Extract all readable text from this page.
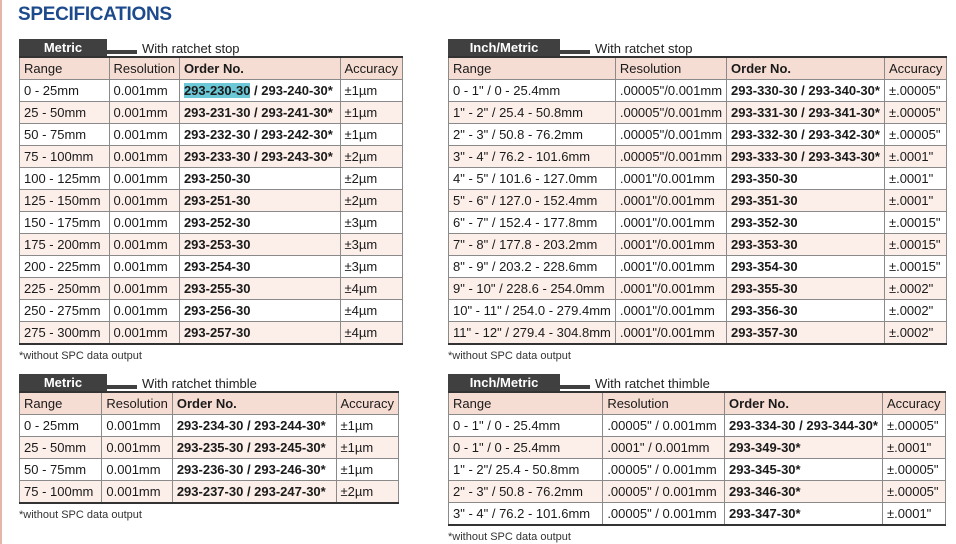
SPECIFICATIONS
Metric	With ratchet stop
Range	Resolution	Order No.	Accuracy
0 - 25mm	0.001mm	293-230-30 / 293-240-30*	±1µm
25 - 50mm	0.001mm	293-231-30 / 293-241-30*	±1µm
50 - 75mm	0.001mm	293-232-30 / 293-242-30*	±1µm
75 - 100mm	0.001mm	293-233-30 / 293-243-30*	±2µm
100 - 125mm	0.001mm	293-250-30	±2µm
125 - 150mm	0.001mm	293-251-30	±2µm
150 - 175mm	0.001mm	293-252-30	±3µm
175 - 200mm	0.001mm	293-253-30	±3µm
200 - 225mm	0.001mm	293-254-30	±3µm
225 - 250mm	0.001mm	293-255-30	±4µm
250 - 275mm	0.001mm	293-256-30	±4µm
275 - 300mm	0.001mm	293-257-30	±4µm
*without SPC data output
Inch/Metric	With ratchet stop
Range	Resolution	Order No.	Accuracy
0 - 1" / 0 - 25.4mm	.00005"/0.001mm	293-330-30 / 293-340-30*	±.00005"
1" - 2" / 25.4 - 50.8mm	.00005"/0.001mm	293-331-30 / 293-341-30*	±.00005"
2" - 3" / 50.8 - 76.2mm	.00005"/0.001mm	293-332-30 / 293-342-30*	±.00005"
3" - 4" / 76.2 - 101.6mm	.00005"/0.001mm	293-333-30 / 293-343-30*	±.0001"
4" - 5" / 101.6 - 127.0mm	.0001"/0.001mm	293-350-30	±.0001"
5" - 6" / 127.0 - 152.4mm	.0001"/0.001mm	293-351-30	±.0001"
6" - 7" / 152.4 - 177.8mm	.0001"/0.001mm	293-352-30	±.00015"
7" - 8" / 177.8 - 203.2mm	.0001"/0.001mm	293-353-30	±.00015"
8" - 9" / 203.2 - 228.6mm	.0001"/0.001mm	293-354-30	±.00015"
9" - 10" / 228.6 - 254.0mm	.0001"/0.001mm	293-355-30	±.0002"
10" - 11" / 254.0 - 279.4mm	.0001"/0.001mm	293-356-30	±.0002"
11" - 12" / 279.4 - 304.8mm	.0001"/0.001mm	293-357-30	±.0002"
*without SPC data output
Metric	With ratchet thimble
Range	Resolution	Order No.	Accuracy
0 - 25mm	0.001mm	293-234-30 / 293-244-30*	±1µm
25 - 50mm	0.001mm	293-235-30 / 293-245-30*	±1µm
50 - 75mm	0.001mm	293-236-30 / 293-246-30*	±1µm
75 - 100mm	0.001mm	293-237-30 / 293-247-30*	±2µm
*without SPC data output
Inch/Metric	With ratchet thimble
Range	Resolution	Order No.	Accuracy
0 - 1" / 0 - 25.4mm	.00005" / 0.001mm	293-334-30 / 293-344-30*	±.00005"
0 - 1" / 0 - 25.4mm	.0001" / 0.001mm	293-349-30*	±.0001"
1" - 2"/ 25.4 - 50.8mm	.00005" / 0.001mm	293-345-30*	±.00005"
2" - 3" / 50.8 - 76.2mm	.00005" / 0.001mm	293-346-30*	±.00005"
3" - 4" / 76.2 - 101.6mm	.00005" / 0.001mm	293-347-30*	±.0001"
*without SPC data output
